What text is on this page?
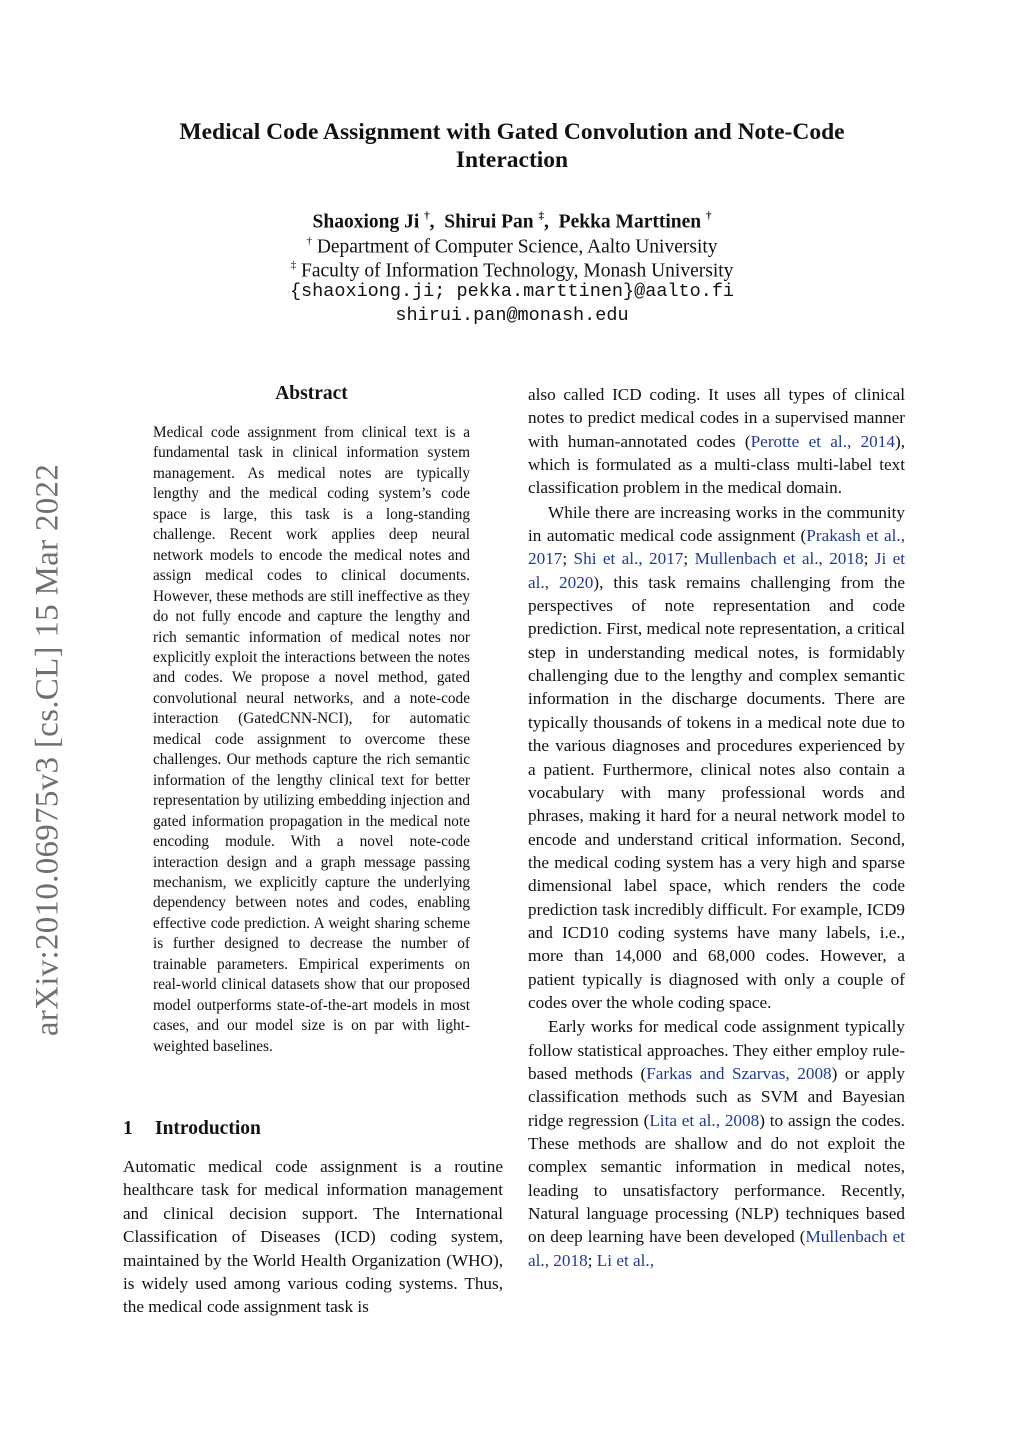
arXiv:2010.06975v3 [cs.CL] 15 Mar 2022
Medical Code Assignment with Gated Convolution and Note-Code
Interaction
Shaoxiong Ji †,  Shirui Pan ‡,  Pekka Marttinen †
† Department of Computer Science, Aalto University
‡ Faculty of Information Technology, Monash University
{shaoxiong.ji; pekka.marttinen}@aalto.fi
shirui.pan@monash.edu
Abstract
Medical code assignment from clinical text is a fundamental task in clinical information system management. As medical notes are typically lengthy and the medical coding system’s code space is large, this task is a long-standing challenge. Recent work applies deep neural network models to encode the medical notes and assign medical codes to clinical documents. However, these methods are still ineffective as they do not fully encode and capture the lengthy and rich semantic information of medical notes nor explicitly exploit the interactions between the notes and codes. We propose a novel method, gated convolutional neural networks, and a note-code interaction (GatedCNN-NCI), for automatic medical code assignment to overcome these challenges. Our methods capture the rich semantic information of the lengthy clinical text for better representation by utilizing embedding injection and gated information propagation in the medical note encoding module. With a novel note-code interaction design and a graph message passing mechanism, we explicitly capture the underlying dependency between notes and codes, enabling effective code prediction. A weight sharing scheme is further designed to decrease the number of trainable parameters. Empirical experiments on real-world clinical datasets show that our proposed model outperforms state-of-the-art models in most cases, and our model size is on par with light-weighted baselines.
1 Introduction
Automatic medical code assignment is a routine healthcare task for medical information management and clinical decision support. The International Classification of Diseases (ICD) coding system, maintained by the World Health Organization (WHO), is widely used among various coding systems. Thus, the medical code assignment task is

also called ICD coding. It uses all types of clinical notes to predict medical codes in a supervised manner with human-annotated codes (Perotte et al., 2014), which is formulated as a multi-class multi-label text classification problem in the medical domain.

While there are increasing works in the community in automatic medical code assignment (Prakash et al., 2017; Shi et al., 2017; Mullenbach et al., 2018; Ji et al., 2020), this task remains challenging from the perspectives of note representation and code prediction. First, medical note representation, a critical step in understanding medical notes, is formidably challenging due to the lengthy and complex semantic information in the discharge documents. There are typically thousands of tokens in a medical note due to the various diagnoses and procedures experienced by a patient. Furthermore, clinical notes also contain a vocabulary with many professional words and phrases, making it hard for a neural network model to encode and understand critical information. Second, the medical coding system has a very high and sparse dimensional label space, which renders the code prediction task incredibly difficult. For example, ICD9 and ICD10 coding systems have many labels, i.e., more than 14,000 and 68,000 codes. However, a patient typically is diagnosed with only a couple of codes over the whole coding space.

Early works for medical code assignment typically follow statistical approaches. They either employ rule-based methods (Farkas and Szarvas, 2008) or apply classification methods such as SVM and Bayesian ridge regression (Lita et al., 2008) to assign the codes. These methods are shallow and do not exploit the complex semantic information in medical notes, leading to unsatisfactory performance. Recently, Natural language processing (NLP) techniques based on deep learning have been developed (Mullenbach et al., 2018; Li et al.,
